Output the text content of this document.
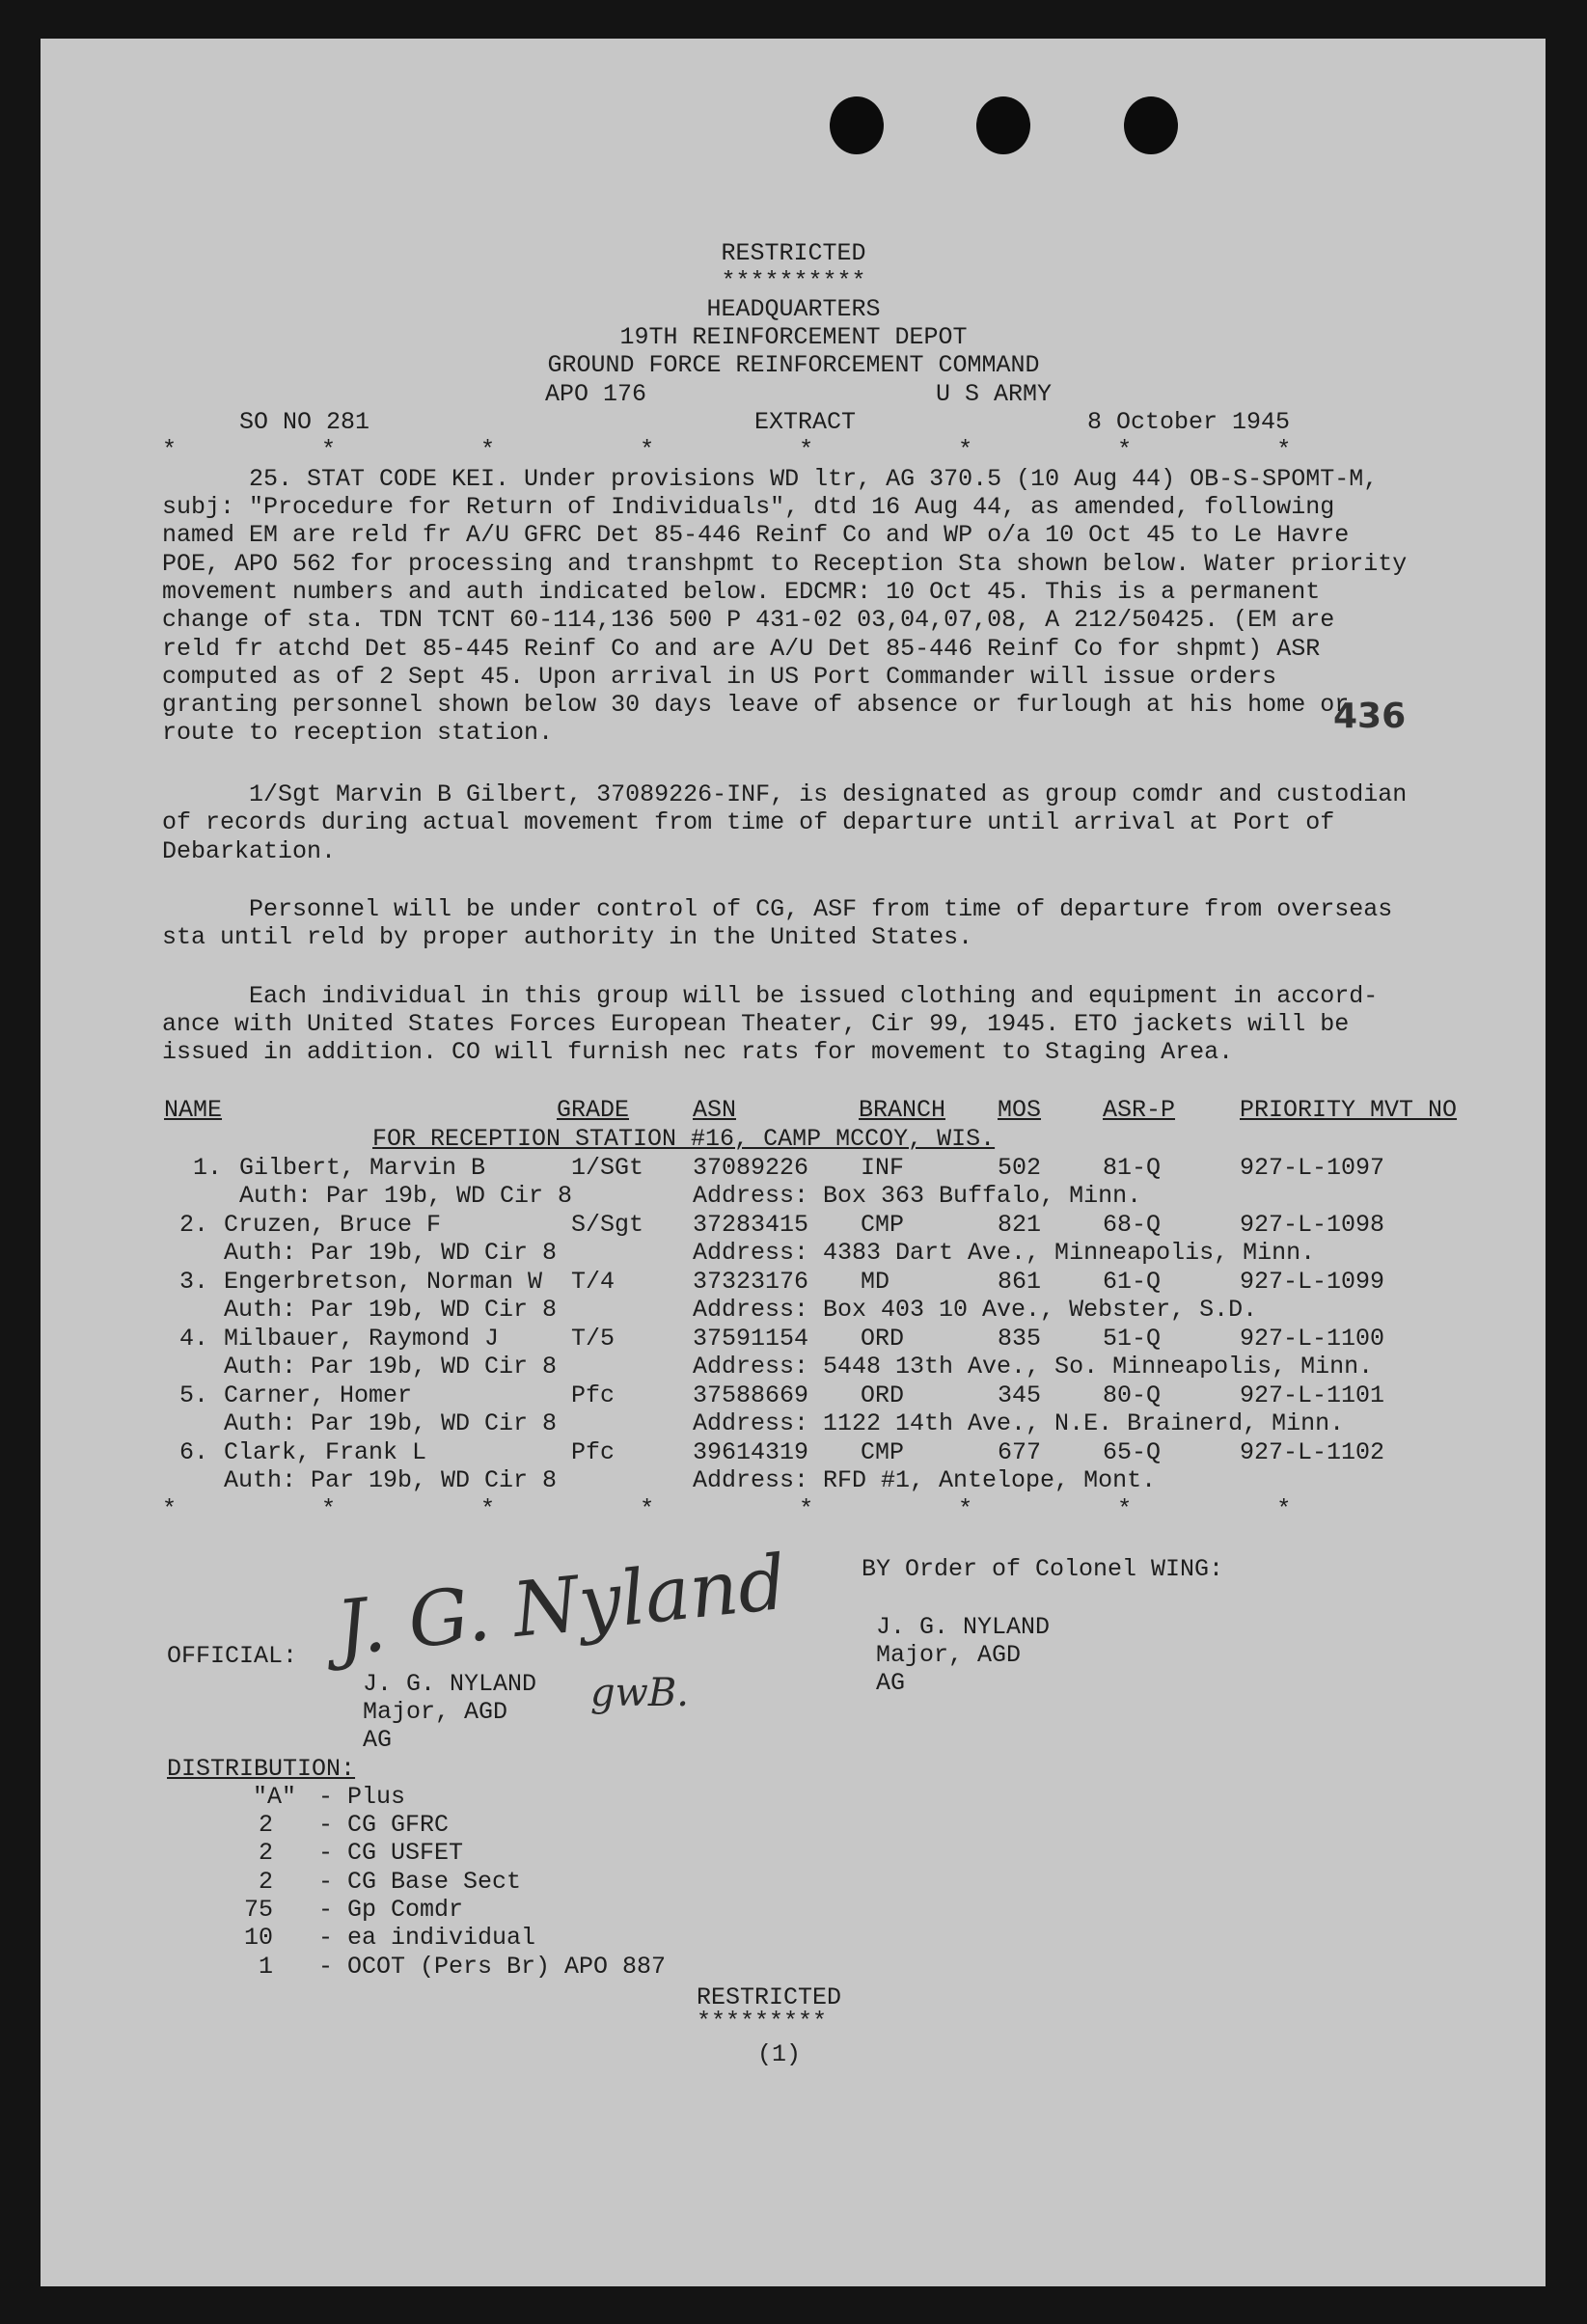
RESTRICTED
**********
HEADQUARTERS
19TH REINFORCEMENT DEPOT
GROUND FORCE REINFORCEMENT COMMAND
APO 176	U S ARMY
SO NO 281	EXTRACT	8 October 1945
*          *          *          *          *          *          *          *
25. STAT CODE KEI. Under provisions WD ltr, AG 370.5 (10 Aug 44) OB-S-SPOMT-M,
subj: "Procedure for Return of Individuals", dtd 16 Aug 44, as amended, following
named EM are reld fr A/U GFRC Det 85-446 Reinf Co and WP o/a 10 Oct 45 to Le Havre
POE, APO 562 for processing and transhpmt to Reception Sta shown below. Water priority
movement numbers and auth indicated below. EDCMR: 10 Oct 45. This is a permanent
change of sta. TDN TCNT 60-114,136 500 P 431-02 03,04,07,08, A 212/50425. (EM are
reld fr atchd Det 85-445 Reinf Co and are A/U Det 85-446 Reinf Co for shpmt) ASR
computed as of 2 Sept 45. Upon arrival in US Port Commander will issue orders
granting personnel shown below 30 days leave of absence or furlough at his home or
route to reception station.	436
1/Sgt Marvin B Gilbert, 37089226-INF, is designated as group comdr and custodian
of records during actual movement from time of departure until arrival at Port of
Debarkation.
Personnel will be under control of CG, ASF from time of departure from overseas
sta until reld by proper authority in the United States.
Each individual in this group will be issued clothing and equipment in accord-
ance with United States Forces European Theater, Cir 99, 1945. ETO jackets will be
issued in addition. CO will furnish nec rats for movement to Staging Area.
NAME	GRADE	ASN	BRANCH MOS	ASR-P	PRIORITY MVT NO
FOR RECEPTION STATION #16, CAMP MCCOY, WIS.
1. Gilbert, Marvin B	1/SGt 37089226 INF	502	81-Q	927-L-1097
Auth: Par 19b, WD Cir 8	Address: Box 363 Buffalo, Minn.
2. Cruzen, Bruce F	S/Sgt 37283415 CMP	821	68-Q	927-L-1098
Auth: Par 19b, WD Cir 8	Address: 4383 Dart Ave., Minneapolis, Minn.
3. Engerbretson, Norman W T/4	37323176 MD	861	61-Q	927-L-1099
Auth: Par 19b, WD Cir 8	Address: Box 403 10 Ave., Webster, S.D.
4. Milbauer, Raymond J	T/5	37591154 ORD	835	51-Q	927-L-1100
Auth: Par 19b, WD Cir 8	Address: 5448 13th Ave., So. Minneapolis, Minn.
5. Carner, Homer	Pfc	37588669 ORD	345	80-Q	927-L-1101
Auth: Par 19b, WD Cir 8	Address: 1122 14th Ave., N.E. Brainerd, Minn.
6. Clark, Frank L	Pfc	39614319 CMP	677	65-Q	927-L-1102
Auth: Par 19b, WD Cir 8	Address: RFD #1, Antelope, Mont.
*          *          *          *          *          *          *          *
BY Order of Colonel WING:
J. G. NYLAND
Major, AGD
AG
J. G. Nyland
OFFICIAL:
J. G. NYLAND
Major, AGD
AG
gwB.
DISTRIBUTION:
"A" - Plus
2 - CG GFRC
2 - CG USFET
2 - CG Base Sect
75 - Gp Comdr
10 - ea individual
1 - OCOT (Pers Br) APO 887
RESTRICTED
*********
(1)
